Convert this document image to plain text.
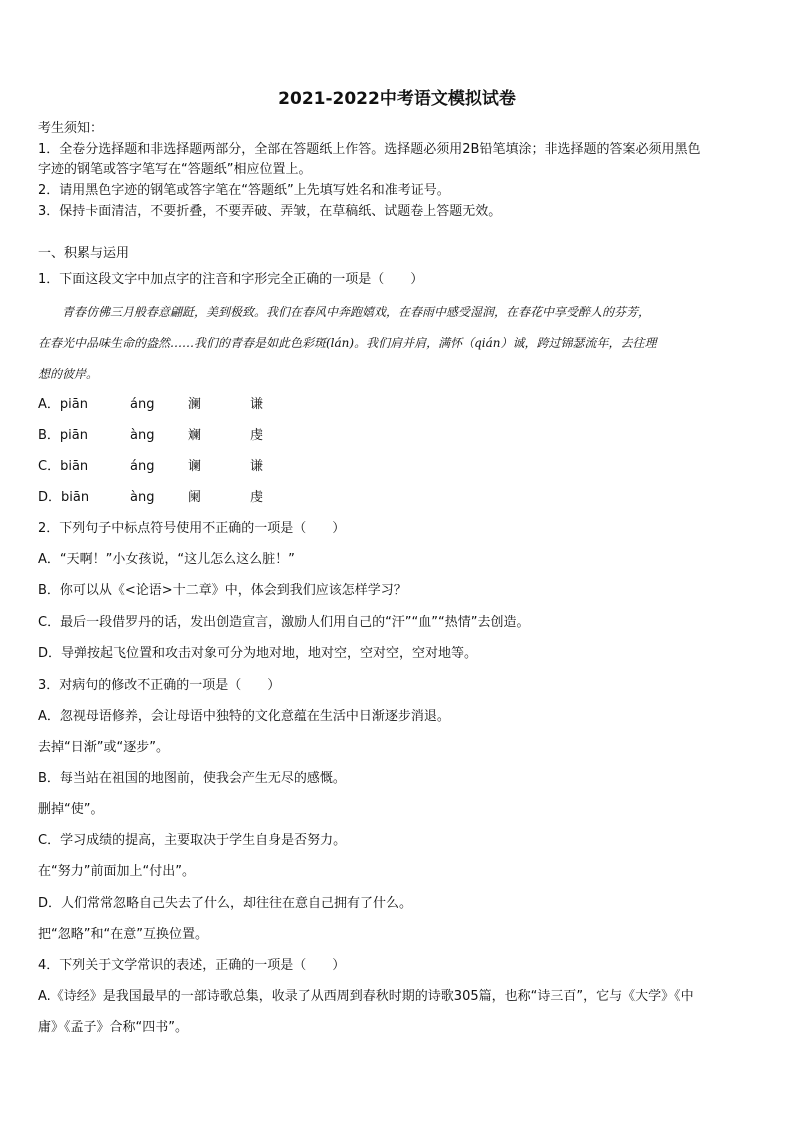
2021-2022中考语文模拟试卷
考生须知：
1．全卷分选择题和非选择题两部分，全部在答题纸上作答。选择题必须用2B铅笔填涂；非选择题的答案必须用黑色
字迹的钢笔或答字笔写在“答题纸”相应位置上。
2．请用黑色字迹的钢笔或答字笔在“答题纸”上先填写姓名和准考证号。
3．保持卡面清洁，不要折叠，不要弄破、弄皱，在草稿纸、试题卷上答题无效。
一、积累与运用
1．下面这段文字中加点字的注音和字形完全正确的一项是（　　）
青春仿佛三月般春意翩跹，美到极致。我们在春风中奔跑嬉戏，在春雨中感受湿润，在春花中享受醉人的芬芳，
在春光中品味生命的盎然……我们的青春是如此色彩斑(lán)。我们肩并肩，满怀（qián）诚，跨过锦瑟流年，去往理
想的彼岸。
A．piān	áng	澜	谦
B．piān	àng	斓	虔
C．biān	áng	谰	谦
D．biān	àng	阑	虔
2．下列句子中标点符号使用不正确的一项是（　　）
A．“天啊！”小女孩说，“这儿怎么这么脏！”
B．你可以从《<论语>十二章》中，体会到我们应该怎样学习？
C．最后一段借罗丹的话，发出创造宣言，激励人们用自己的“汗”“血”“热情”去创造。
D．导弹按起飞位置和攻击对象可分为地对地，地对空，空对空，空对地等。
3．对病句的修改不正确的一项是（　　）
A．忽视母语修养，会让母语中独特的文化意蕴在生活中日渐逐步消退。
去掉“日渐”或“逐步”。
B．每当站在祖国的地图前，使我会产生无尽的感慨。
删掉“使”。
C．学习成绩的提高，主要取决于学生自身是否努力。
在“努力”前面加上“付出”。
D．人们常常忽略自己失去了什么，却往往在意自己拥有了什么。
把“忽略”和“在意”互换位置。
4．下列关于文学常识的表述，正确的一项是（　　）
A.《诗经》是我国最早的一部诗歌总集，收录了从西周到春秋时期的诗歌305篇，也称“诗三百”，它与《大学》《中
庸》《孟子》合称“四书”。
